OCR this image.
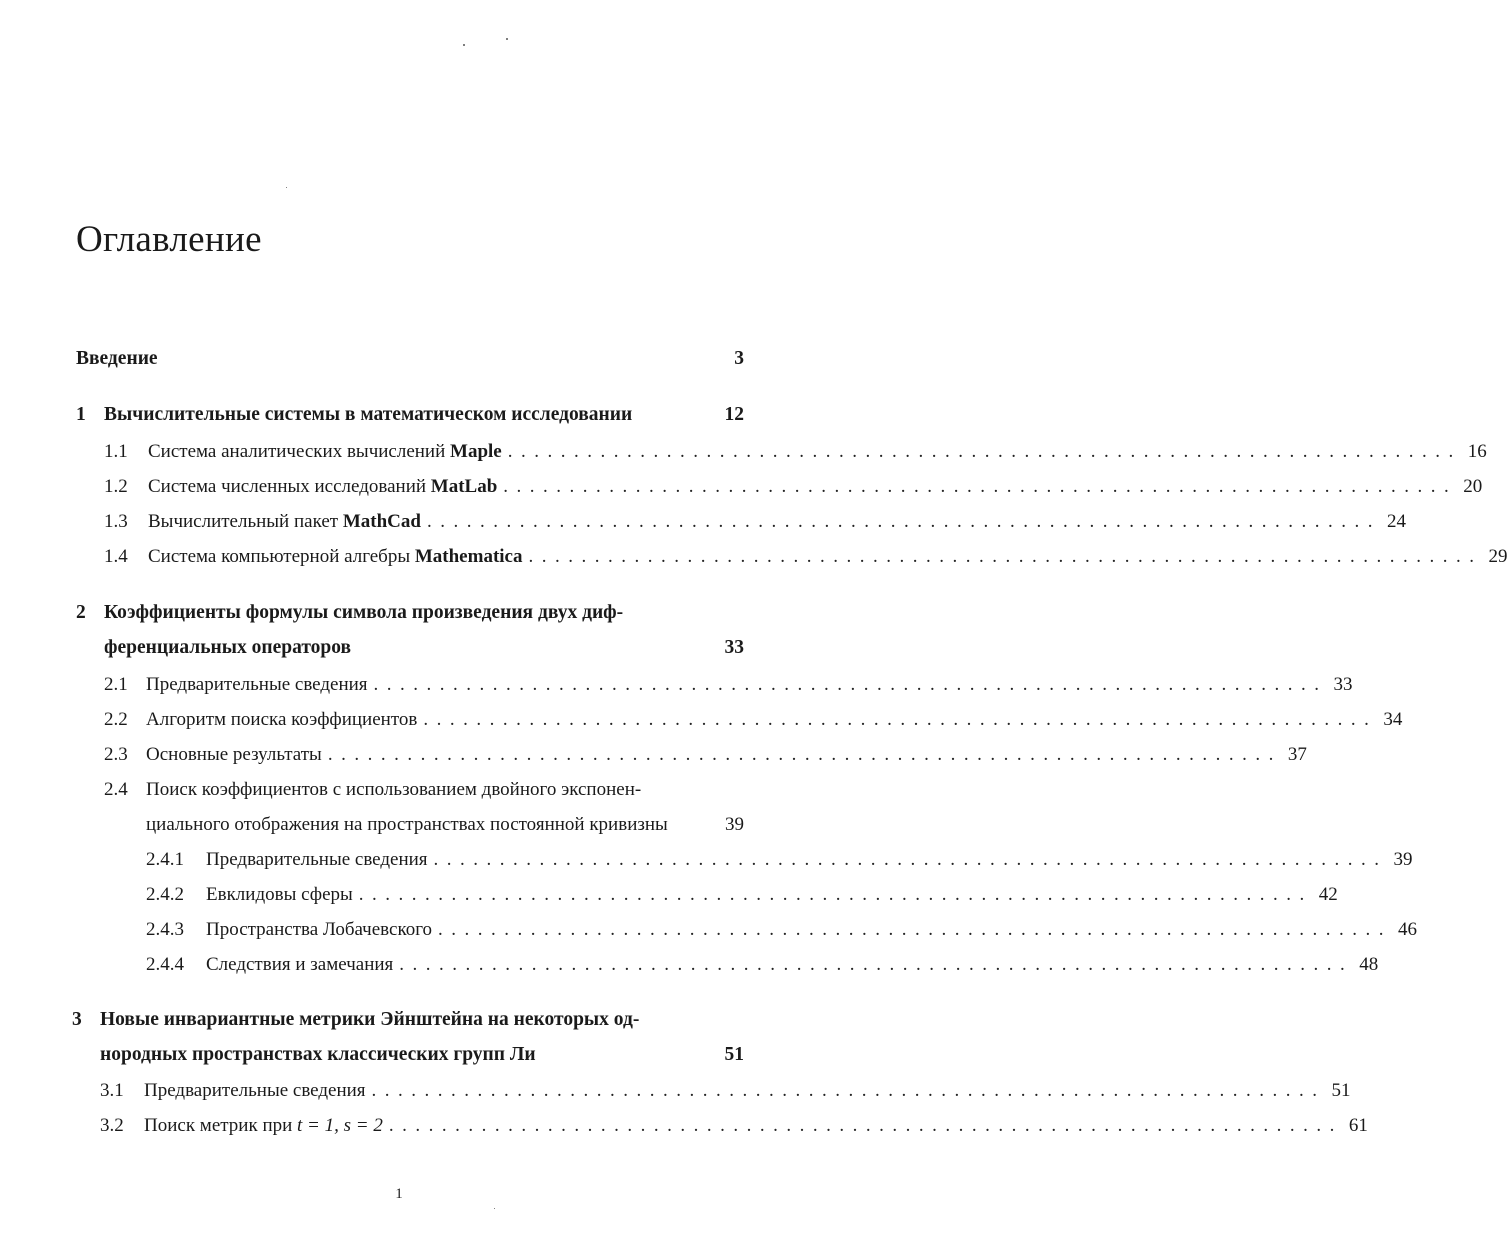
Оглавление
Введение	3
1 Вычислительные системы в математическом исследовании	12
1.1	Система аналитических вычислений Maple ........................................................................ 16
1.2	Система численных исследований MatLab ........................................................................ 20
1.3	Вычислительный пакет MathCad ........................................................................ 24
1.4	Система компьютерной алгебры Mathematica ........................................................................ 29
2 Коэффициенты формулы символа произведения двух диф-
ференциальных операторов	33
2.1 Предварительные сведения ........................................................................ 33
2.2 Алгоритм поиска коэффициентов ........................................................................ 34
2.3 Основные результаты ........................................................................ 37
2.4 Поиск коэффициентов с использованием двойного экспонен-
циального отображения на пространствах постоянной кривизны	39
2.4.1	Предварительные сведения ........................................................................ 39
2.4.2	Евклидовы сферы ........................................................................ 42
2.4.3	Пространства Лобачевского ........................................................................ 46
2.4.4	Следствия и замечания ........................................................................ 48
3 Новые инвариантные метрики Эйнштейна на некоторых од-
нородных пространствах классических групп Ли	51
3.1	Предварительные сведения ........................................................................ 51
3.2	Поиск метрик при t = 1, s = 2 ........................................................................ 61
1
